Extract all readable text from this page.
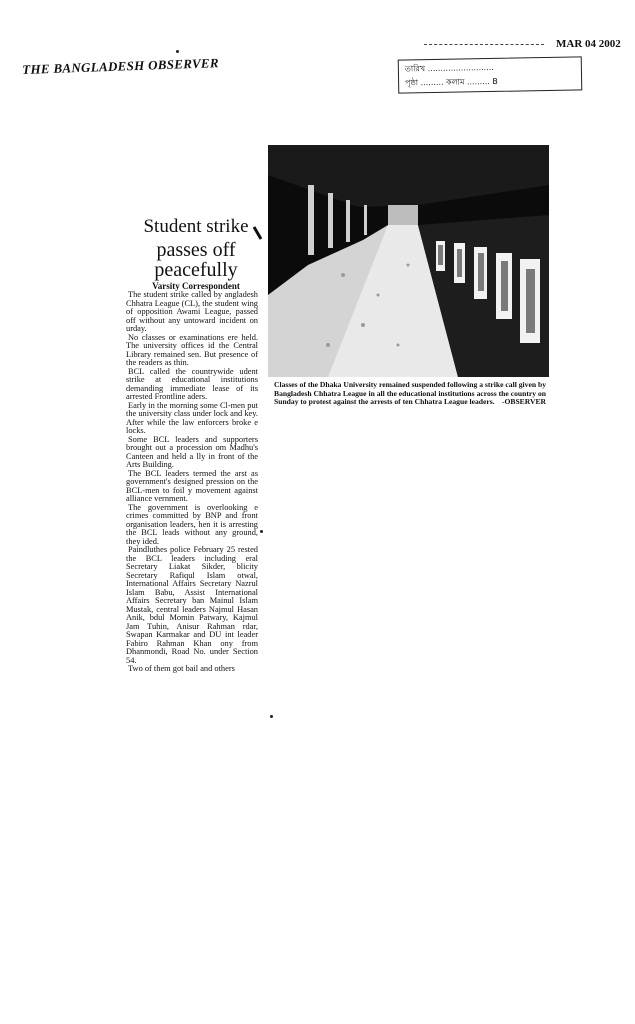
THE BANGLADESH OBSERVER
MAR 04 2002
তারিখ ..........................
পৃষ্ঠা ......... কলাম ......... B
Student strike
passes off peacefully
Varsity Correspondent

The student strike called by angladesh Chhatra League (CL), the student wing of opposition Awami League, passed off without any untoward incident on urday.

No classes or examinations ere held. The university offices id the Central Library remained sen. But presence of the readers as thin.

BCL called the countrywide udent strike at educational institutions demanding immediate lease of its arrested Frontline aders.

Early in the morning some Cl-men put the university class under lock and key. After while the law enforcers broke e locks.

Some BCL leaders and supporters brought out a procession om Madhu's Canteen and held a lly in front of the Arts Building.

The BCL leaders termed the arst as government's designed pression on the BCL-men to foil y movement against alliance vernment.

The government is overlooking e crimes committed by BNP and front organisation leaders, hen it is arresting the BCL leads without any ground, they ided.

Paindluthes police February 25 rested the BCL leaders including eral Secretary Liakat Sikder, blicity Secretary Rafiqul Islam otwal, International Affairs Secretary Nazrul Islam Babu, Assist International Affairs Secretary ban Mainul Islam Mustak, central leaders Najmul Hasan Anik, bdul Momin Patwary, Kajmul Jam Tuhin, Anisur Rahman rdar, Swapan Karmakar and DU int leader Fabiro Rahman Khan ony from Dhanmondi, Road No. under Section 54.

Two of them got bail and others

Classes of the Dhaka University remained suspended following a strike call given by Bangladesh Chhatra League in all the educational institutions across the country on Sunday to protest against the arrests of ten Chhatra League leaders. -OBSERVER
